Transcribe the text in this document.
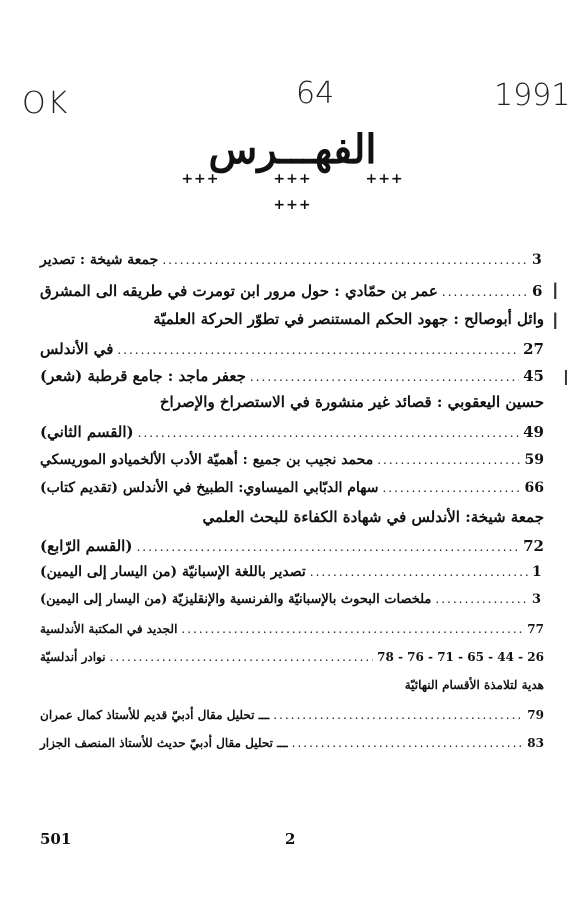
OK	64	1991
الفهـــرس
+++	+++	+++
+++
I
I
I
جمعة شيخة : تصدير .....	3
عمر بن حمّادي : حول مرور ابن تومرت في طريقه الى المشرق .....	6
وائل أبوصالح : جهود الحكم المستنصر في تطوّر الحركة العلميّة
في الأندلس .....	27
جعفر ماجد : جامع قرطبة (شعر) .....	45
حسين اليعقوبي : قصائد غير منشورة في الاستصراخ والإصراخ
(القسم الثاني) .....	49
محمد نجيب بن جميع : أهميّة الأدب الألخميادو الموريسكي .....	59
سهام الدبّابي الميساوي: الطبيخ في الأندلس (تقديم كتاب) .....	66
جمعة شيخة: الأندلس في شهادة الكفاءة للبحث العلمي
(القسم الرّابع) .....	72
تصدير باللغة الإسبانيّة (من اليسار إلى اليمين) .....	1
ملخصات البحوث بالإسبانيّة والفرنسية والإنقليزيّة (من اليسار إلى اليمين) .....	3
الجديد في المكتبة الأندلسية .....	77
نوادر أندلسيّة .....	78 - 76 - 71 - 65 - 44 - 26
هدية لتلامذة الأقسام النهائيّة
ـــ تحليل مقال أدبيّ قديم للأستاذ كمال عمران .....	79
ـــ تحليل مقال أدبيّ حديث للأستاذ المنصف الجزار .....	83
501	2
